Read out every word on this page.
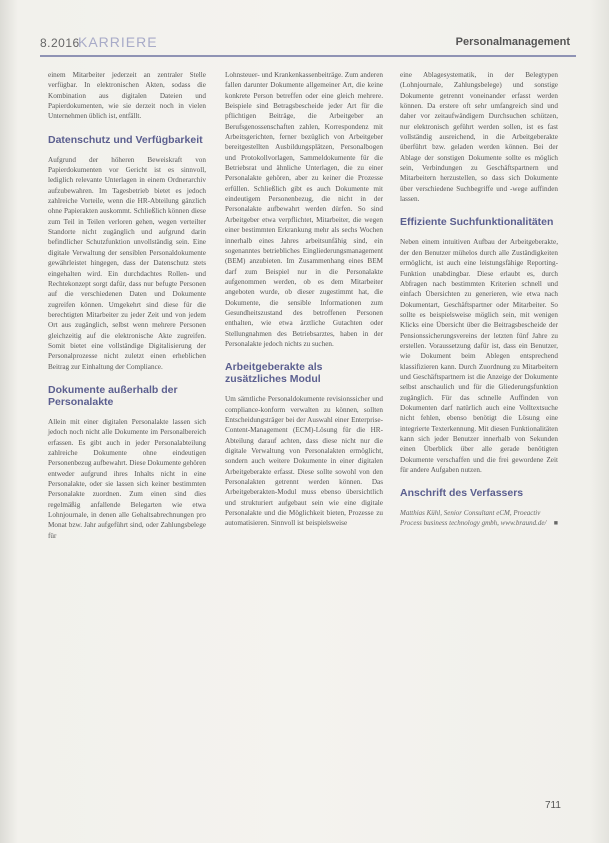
8.2016
KARRIERE	Personalmanagement

einem Mitarbeiter jederzeit an zentraler Stelle verfügbar. In elektronischen Akten, sodass die Kombination aus digitalen Dateien und Papierdokumenten, wie sie derzeit noch in vielen Unternehmen üblich ist, entfällt.

Datenschutz und Verfügbarkeit

Aufgrund der höheren Beweiskraft von Papierdokumenten vor Gericht ist es sinnvoll, lediglich relevante Unterlagen in einem Ordnerarchiv aufzubewahren. Im Tagesbetrieb bietet es jedoch zahlreiche Vorteile, wenn die HR-Abteilung gänzlich ohne Papierakten auskommt. Schließlich können diese zum Teil in Teilen verloren gehen, wegen verteilter Standorte nicht zugänglich und aufgrund darin befindlicher Schutzfunktion unvollständig sein. Eine digitale Verwaltung der sensiblen Personaldokumente gewährleistet hingegen, dass der Datenschutz stets eingehalten wird. Ein durchdachtes Rollen- und Rechtekonzept sorgt dafür, dass nur befugte Personen auf die verschiedenen Daten und Dokumente zugreifen können. Umgekehrt sind diese für die berechtigten Mitarbeiter zu jeder Zeit und von jedem Ort aus zugänglich, selbst wenn mehrere Personen gleichzeitig auf die elektronische Akte zugreifen. Somit bietet eine vollständige Digitalisierung der Personalprozesse nicht zuletzt einen erheblichen Beitrag zur Einhaltung der Compliance.

Dokumente außerhalb der Personalakte

Allein mit einer digitalen Personalakte lassen sich jedoch noch nicht alle Dokumente im Personalbereich erfassen. Es gibt auch in jeder Personalabteilung zahlreiche Dokumente ohne eindeutigen Personenbezug aufbewahrt. Diese Dokumente gehören entweder aufgrund ihres Inhalts nicht in eine Personalakte, oder sie lassen sich keiner bestimmten Personalakte zuordnen. Zum einen sind dies regelmäßig anfallende Belegarten wie etwa Lohnjournale, in denen alle Gehaltsabrechnungen pro Monat bzw. Jahr aufgeführt sind, oder Zahlungsbelege für

Lohnsteuer- und Krankenkassenbeiträge. Zum anderen fallen darunter Dokumente allgemeiner Art, die keine konkrete Person betreffen oder eine gleich mehrere. Beispiele sind Betragsbescheide jeder Art für die pflichtigen Beiträge, die Arbeitgeber an Berufsgenossenschaften zahlen, Korrespondenz mit Arbeitsgerichten, ferner bezüglich von Arbeitgeber bereitgestellten Ausbildungsplätzen, Personalbogen und Protokollvorlagen, Sammeldokumente für die Betriebsrat und ähnliche Unterlagen, die zu einer Personalakte gehören, aber zu keiner die Prozesse erfüllen. Schließlich gibt es auch Dokumente mit eindeutigem Personenbezug, die nicht in der Personalakte aufbewahrt werden dürfen. So sind Arbeitgeber etwa verpflichtet, Mitarbeiter, die wegen einer bestimmten Erkrankung mehr als sechs Wochen innerhalb eines Jahres arbeitsunfähig sind, ein sogenanntes betriebliches Eingliederungsmanagement (BEM) anzubieten. Im Zusammenhang eines BEM darf zum Beispiel nur in die Personalakte aufgenommen werden, ob es dem Mitarbeiter angeboten wurde, ob dieser zugestimmt hat, die Dokumente, die sensible Informationen zum Gesundheitszustand des betroffenen Personen enthalten, wie etwa ärztliche Gutachten oder Stellungnahmen des Betriebsarztes, haben in der Personalakte jedoch nichts zu suchen.

Arbeitgeberakte als zusätzliches Modul

Um sämtliche Personaldokumente revisionssicher und compliance-konform verwalten zu können, sollten Entscheidungsträger bei der Auswahl einer Enterprise-Content-Management (ECM)-Lösung für die HR-Abteilung darauf achten, dass diese nicht nur die digitale Verwaltung von Personalakten ermöglicht, sondern auch weitere Dokumente in einer digitalen Arbeitgeberakte erfasst. Diese sollte sowohl von den Personalakten getrennt werden können. Das Arbeitgeberakten-Modul muss ebenso übersichtlich und strukturiert aufgebaut sein wie eine digitale Personalakte und die Möglichkeit bieten, Prozesse zu automatisieren. Sinnvoll ist beispielsweise

eine Ablagesystematik, in der Belegtypen (Lohnjournale, Zahlungsbelege) und sonstige Dokumente getrennt voneinander erfasst werden können. Da erstere oft sehr umfangreich sind und daher vor zeitaufwändigem Durchsuchen schützen, nur elektronisch geführt werden sollen, ist es fast vollständig ausreichend, in die Arbeitgeberakte überführt bzw. geladen werden können. Bei der Ablage der sonstigen Dokumente sollte es möglich sein, Verbindungen zu Geschäftspartnern und Mitarbeitern herzustellen, so dass sich Dokumente über verschiedene Suchbegriffe und -wege auffinden lassen.

Effiziente Suchfunktionalitäten

Neben einem intuitiven Aufbau der Arbeitgeberakte, der den Benutzer mühelos durch alle Zuständigkeiten ermöglicht, ist auch eine leistungsfähige Reporting-Funktion unabdingbar. Diese erlaubt es, durch Abfragen nach bestimmten Kriterien schnell und einfach Übersichten zu generieren, wie etwa nach Dokumentart, Geschäftspartner oder Mitarbeiter. So sollte es beispielsweise möglich sein, mit wenigen Klicks eine Übersicht über die Beitragsbescheide der Pensionssicherungsvereins der letzten fünf Jahre zu erstellen. Voraussetzung dafür ist, dass ein Benutzer, wie Dokument beim Ablegen entsprechend klassifizieren kann. Durch Zuordnung zu Mitarbeitern und Geschäftspartnern ist die Anzeige der Dokumente selbst anschaulich und für die Gliederungsfunktion zugänglich. Für das schnelle Auffinden von Dokumenten darf natürlich auch eine Volltextsuche nicht fehlen, ebenso benötigt die Lösung eine integrierte Texterkennung. Mit diesen Funktionalitäten kann sich jeder Benutzer innerhalb von Sekunden einen Überblick über alle gerade benötigten Dokumente verschaffen und die frei gewordene Zeit für andere Aufgaben nutzen.

Anschrift des Verfassers
Matthias Kühl, Senior Consultant eCM, Proeactiv Process business technology gmbh, www.braund.de/ ■
711
